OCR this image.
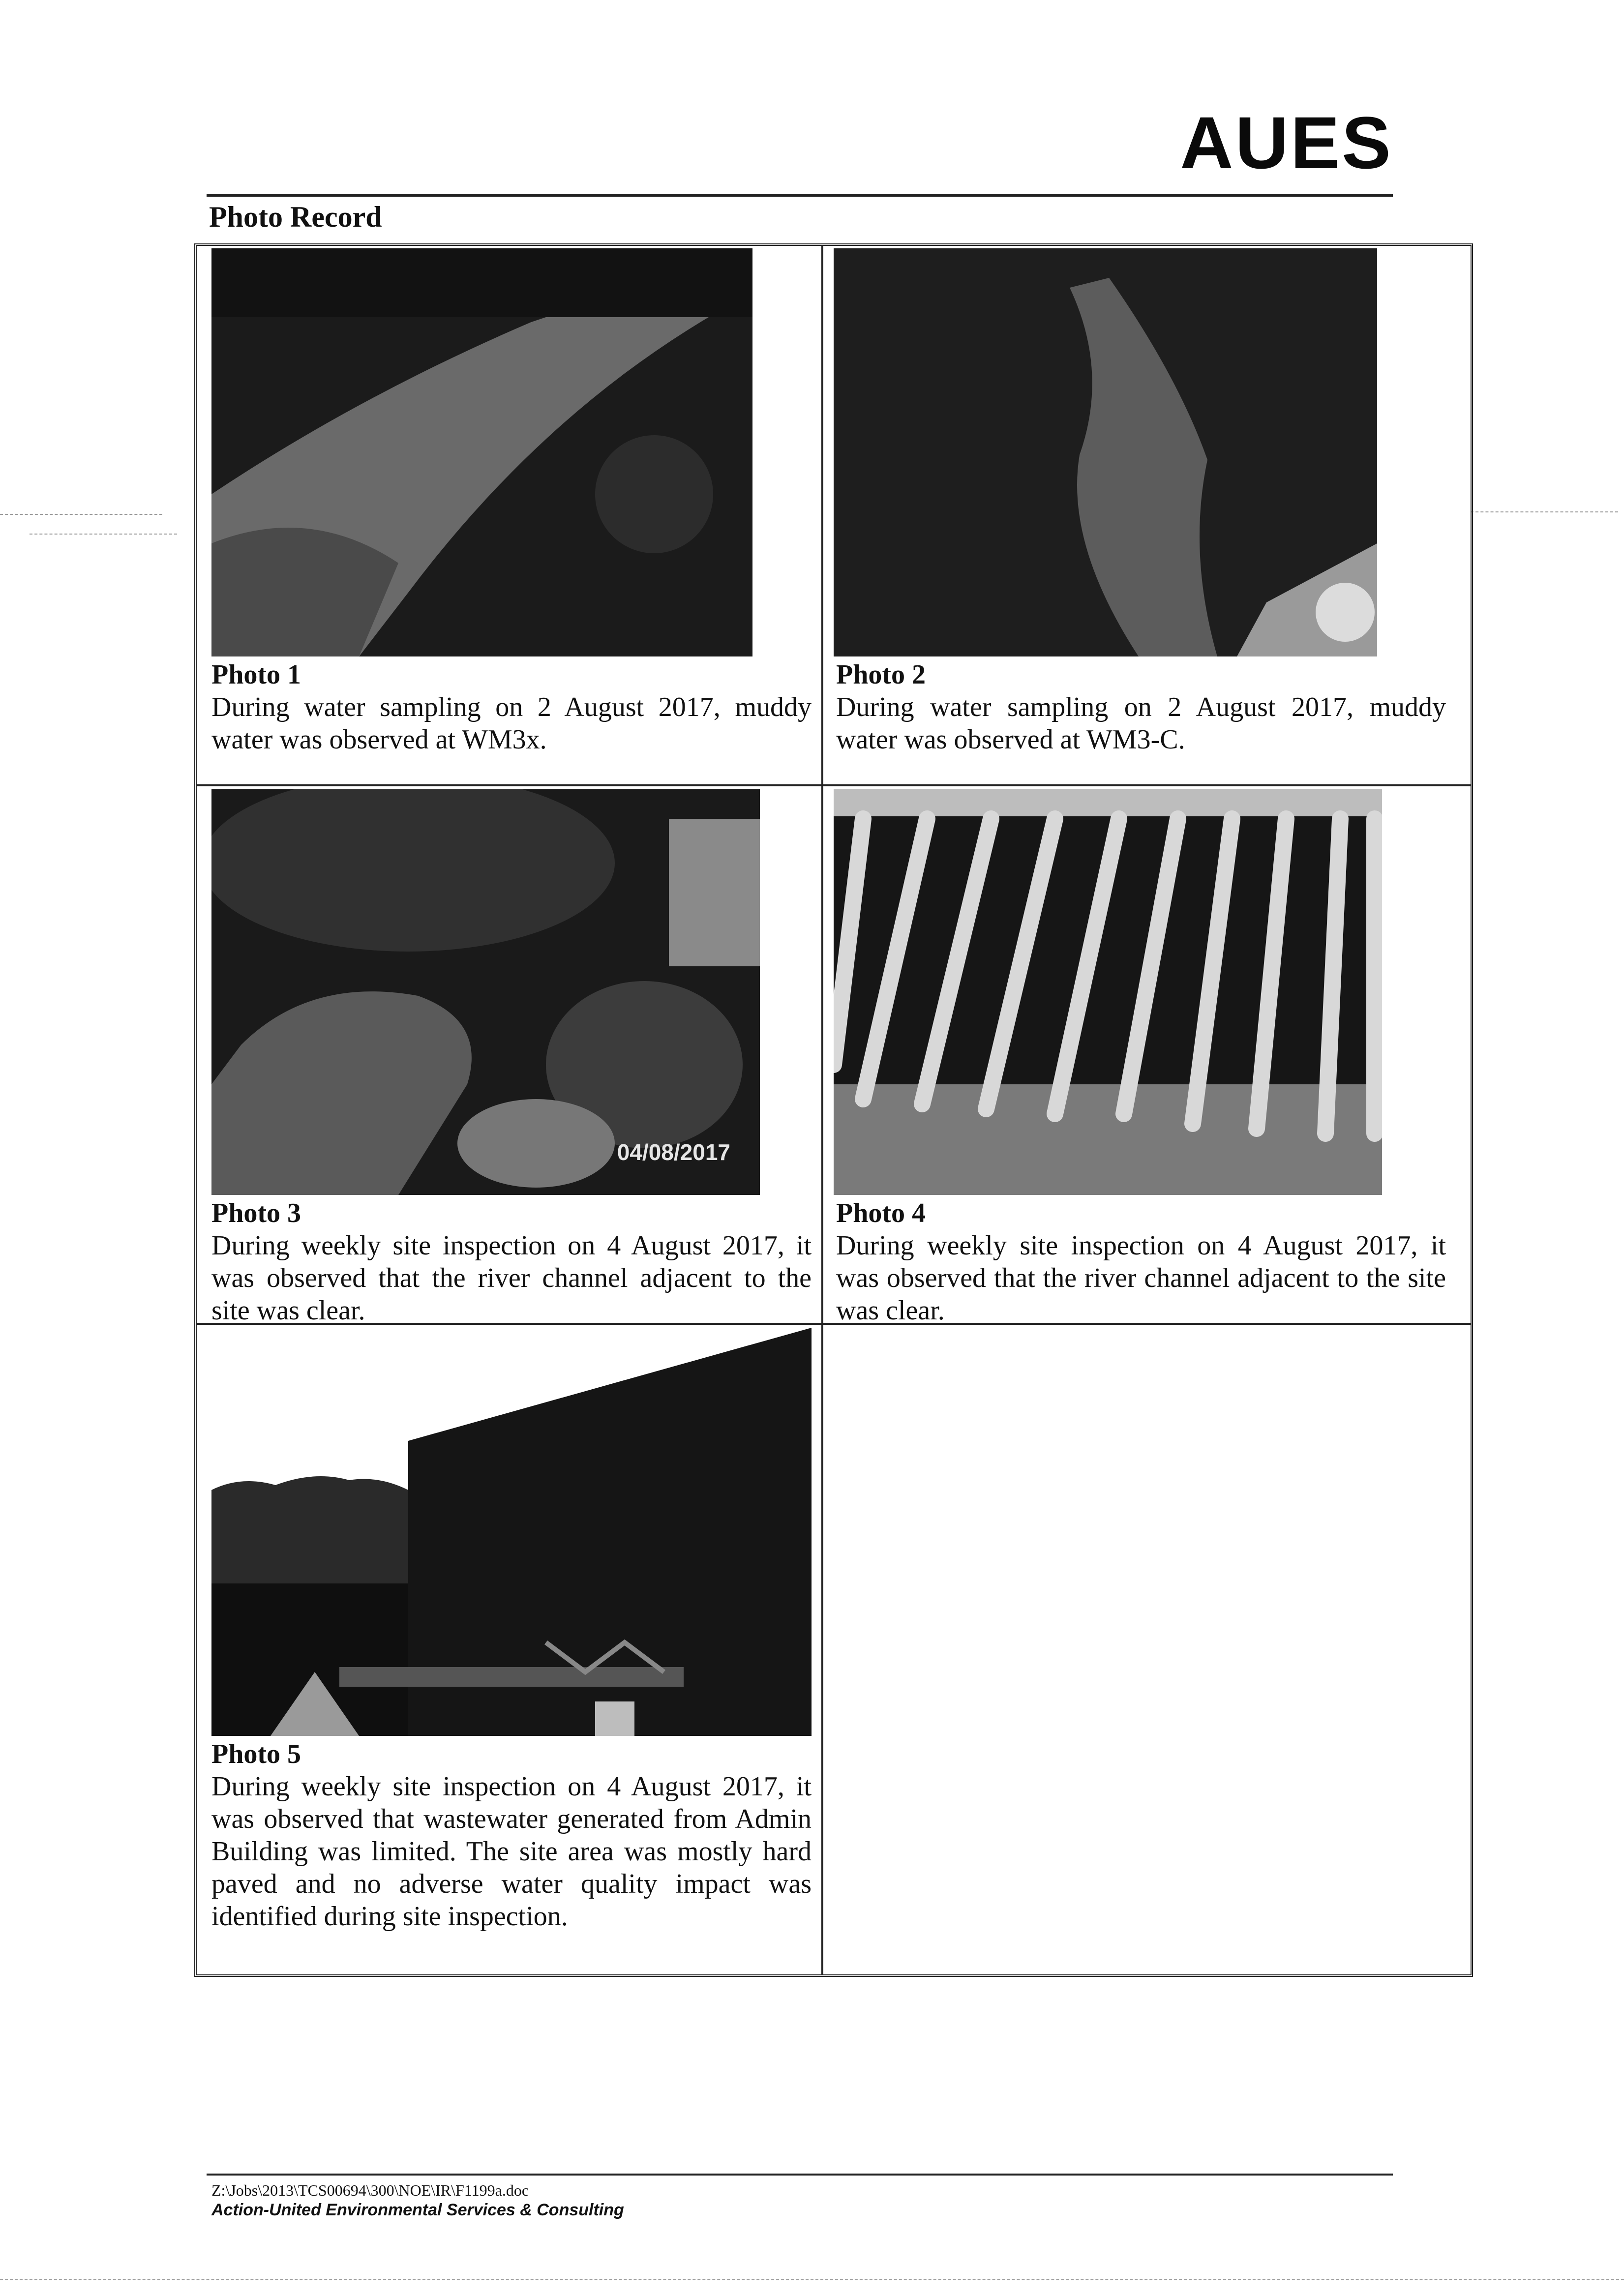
AUES
Photo Record
Photo 1
During water sampling on 2 August 2017, muddy water was observed at WM3x.
Photo 2
During water sampling on 2 August 2017, muddy water was observed at WM3-C.
04/08/2017
Photo 3
During weekly site inspection on 4 August 2017, it was observed that the river channel adjacent to the site was clear.
Photo 4
During weekly site inspection on 4 August 2017, it was observed that the river channel adjacent to the site was clear.
Photo 5
During weekly site inspection on 4 August 2017, it was observed that wastewater generated from Admin Building was limited. The site area was mostly hard paved and no adverse water quality impact was identified during site inspection.
Z:\Jobs\2013\TCS00694\300\NOE\IR\F1199a.doc
Action-United Environmental Services & Consulting
